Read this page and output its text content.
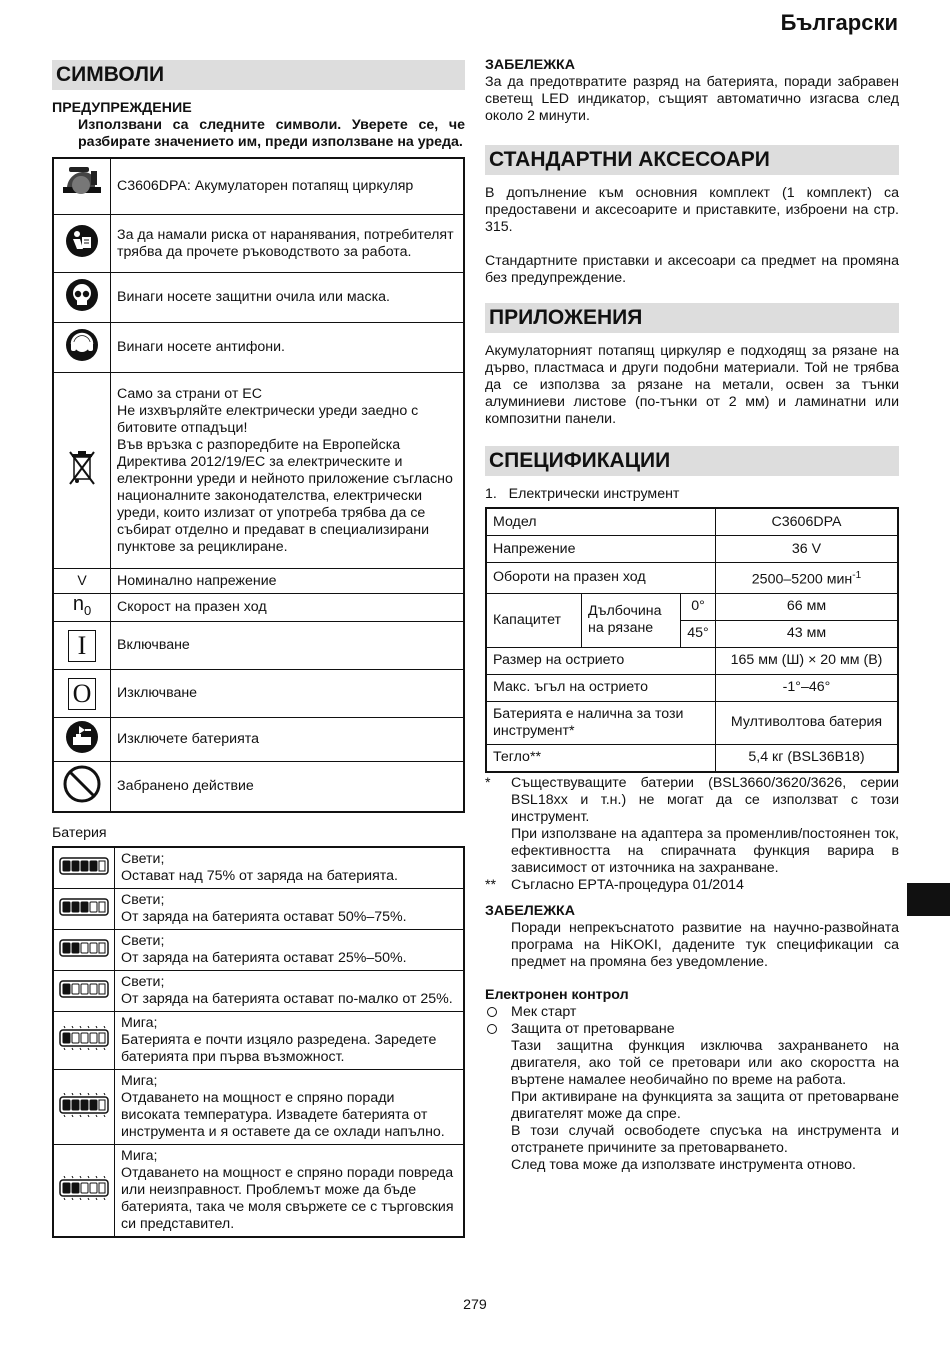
Български
СИМВОЛИ

ПРЕДУПРЕЖДЕНИЕ

Използвани са следните символи. Уверете се, че разбирате значението им, преди използване на уреда.

	C3606DPA: Акумулаторен потапящ циркуляр
	За да намали риска от наранявания, потребителят трябва да прочете ръководството за работа.
	Винаги носете защитни очила или маска.
	Винаги носете антифони.
	Само за страни от ЕС
Не изхвърляйте електрически уреди заедно с битовите отпадъци!
Във връзка с разпоредбите на Европейска Директива 2012/19/ЕС за електрическите и електронни уреди и нейното приложение съгласно националните законодателства, електрически уреди, които излизат от употреба трябва да се събират отделно и предават в специализирани пунктове за рециклиране.
V	Номинално напрежение
$n_0$	Скорост на празен ход
I	Включване
O	Изключване
	Изключете батерията
	Забранено действие

Батерия

	Свети;
Остават над 75% от заряда на батерията.
	Свети;
От заряда на батерията остават 50%–75%.
	Свети;
От заряда на батерията остават 25%–50%.
	Свети;
От заряда на батерията остават по-малко от 25%.
	Мига;
Батерията е почти изцяло разредена. Заредете батерията при първа възможност.
	Мига;
Отдаването на мощност е спряно поради високата температура. Извадете батерията от инструмента и я оставете да се охлади напълно.
	Мига;
Отдаването на мощност е спряно поради повреда или неизправност. Проблемът може да бъде батерията, така че моля свържете се с търговския си представител.

ЗАБЕЛЕЖКА

За да предотвратите разряд на батерията, поради забравен светещ LED индикатор, същият автоматично изгасва след около 2 минути.

СТАНДАРТНИ АКСЕСОАРИ

В допълнение към основния комплект (1 комплект) са предоставени и аксесоарите и приставките, изброени на стр. 315.

Стандартните приставки и аксесоари са предмет на промяна без предупреждение.

ПРИЛОЖЕНИЯ

Акумулаторният потапящ циркуляр е подходящ за рязане на дърво, пластмаса и други подобни материали. Той не трябва да се използва за рязане на метали, освен за тънки алуминиеви листове (по-тънки от 2 мм) и ламинатни или композитни панели.

СПЕЦИФИКАЦИИ

1.   Електрически инструмент

Модел			C3606DPA
Напрежение			36 V
Обороти на празен ход			2500–5200 мин$^{-1}$
Капацитет	Дълбочина на рязане	0°	66 мм
		45°	43 мм
Размер на острието			165 мм (Ш) × 20 мм (В)
Макс. ъгъл на острието			-1°–46°
Батерията е налична за този инструмент*			Мултиволтова батерия
Тегло**			5,4 кг (BSL36B18)
* Съществуващите батерии (BSL3660/3620/3626, серии BSL18xx и т.н.) не могат да се използват с този инструмент.

При използване на адаптера за променлив/постоянен ток, ефективността на спирачната функция варира в зависимост от източника на захранване.

** Съгласно EPTA-процедура 01/2014

ЗАБЕЛЕЖКА

Поради непрекъснатото развитие на научно-развойната програма на HiKOKI, дадените тук спецификации са предмет на промяна без уведомление.

Електронен контрол

Мек старт
Защита от претоварване

Тази защитна функция изключва захранването на двигателя, ако той се претовари или ако скоростта на въртене намалее необичайно по време на работа.
При активиране на функцията за защита от претоварване двигателят може да спре.
В този случай освободете спусъка на инструмента и отстранете причините за претоварването.
След това може да използвате инструмента отново.

279
